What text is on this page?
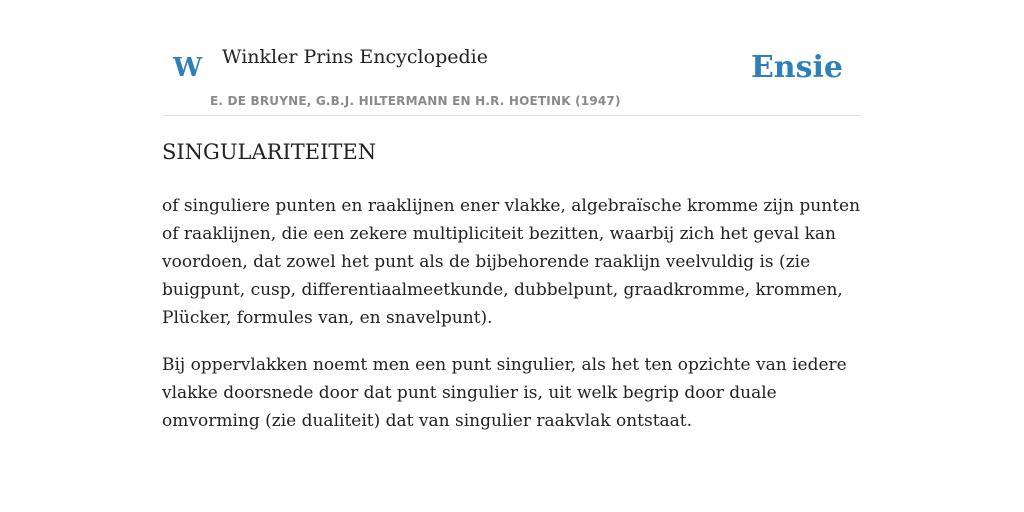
W Winkler Prins Encyclopedie
E. DE BRUYNE, G.B.J. HILTERMANN EN H.R. HOETINK (1947)
Ensie
SINGULARITEITEN

of singuliere punten en raaklijnen ener vlakke, algebraïsche kromme zijn punten of raaklijnen, die een zekere multipliciteit bezitten, waarbij zich het geval kan voordoen, dat zowel het punt als de bijbehorende raaklijn veelvuldig is (zie buigpunt, cusp, differentiaalmeetkunde, dubbelpunt, graadkromme, krommen, Plücker, formules van, en snavelpunt).

Bij oppervlakken noemt men een punt singulier, als het ten opzichte van iedere vlakke doorsnede door dat punt singulier is, uit welk begrip door duale omvorming (zie dualiteit) dat van singulier raakvlak ontstaat.
